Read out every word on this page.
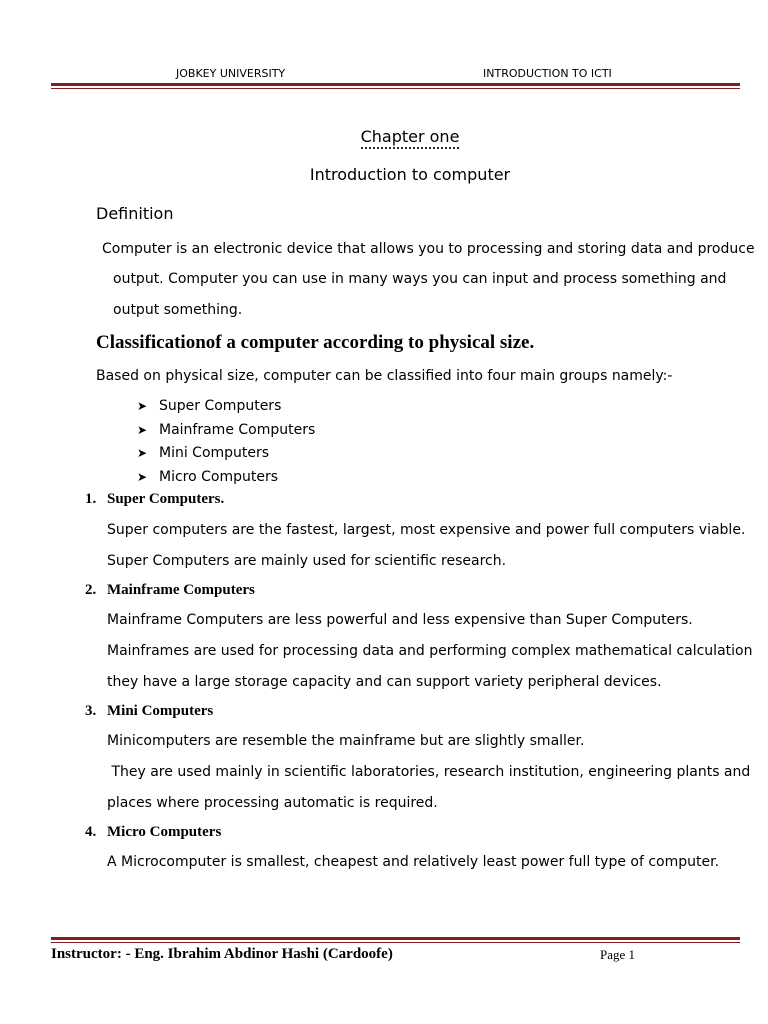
JOBKEY UNIVERSITY	INTRODUCTION TO ICTI
Chapter one
Introduction to computer
Definition
Computer is an electronic device that allows you to processing and storing data and produce
output. Computer you can use in many ways you can input and process something and
output something.
Classificationof a computer according to physical size.
Based on physical size, computer can be classified into four main groups namely:-
➤ Super Computers
➤ Mainframe Computers
➤ Mini Computers
➤ Micro Computers
1. Super Computers.
Super computers are the fastest, largest, most expensive and power full computers viable.
Super Computers are mainly used for scientific research.
2. Mainframe Computers
Mainframe Computers are less powerful and less expensive than Super Computers.
Mainframes are used for processing data and performing complex mathematical calculation
they have a large storage capacity and can support variety peripheral devices.
3. Mini Computers
Minicomputers are resemble the mainframe but are slightly smaller.
They are used mainly in scientific laboratories, research institution, engineering plants and
places where processing automatic is required.
4. Micro Computers
A Microcomputer is smallest, cheapest and relatively least power full type of computer.
Instructor: - Eng. Ibrahim Abdinor Hashi (Cardoofe)	Page 1
